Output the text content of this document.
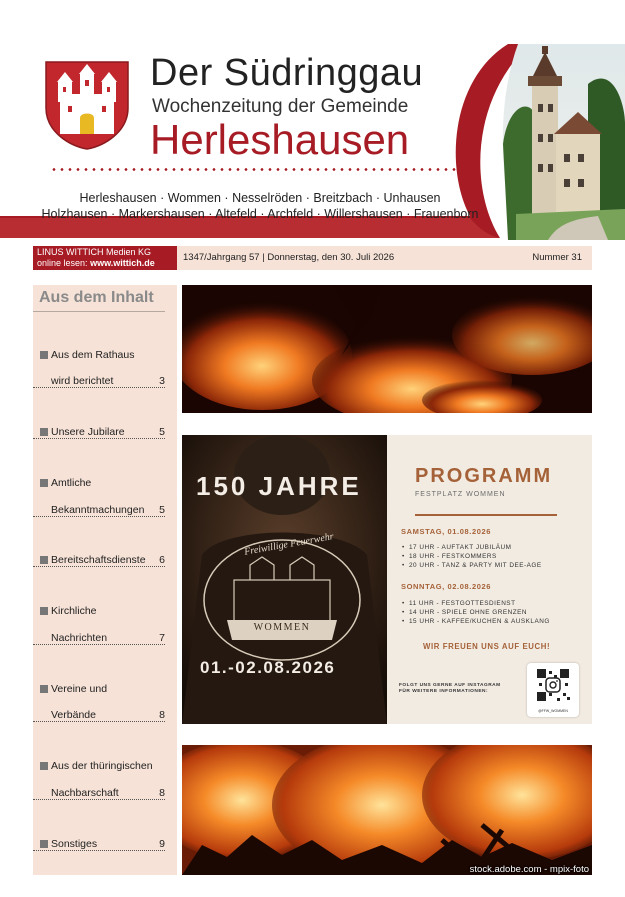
Der Südringgau
Wochenzeitung der Gemeinde
Herleshausen
Herleshausen · Wommen · Nesselröden · Breitzbach · Unhausen
Holzhausen · Markershausen · Altefeld · Archfeld · Willershausen · Frauenborn
LINUS WITTICH Medien KG
online lesen: www.wittich.de	1347/Jahrgang 57 | Donnerstag, den 30. Juli 2026	Nummer 31
Aus dem Inhalt
Aus dem Rathaus
wird berichtet	3
Unsere Jubilare	5
Amtliche
Bekanntmachungen 5
Bereitschaftsdienste 6
Kirchliche
Nachrichten	7
Vereine und
Verbände	8
Aus der thüringischen
Nachbarschaft	8
Sonstiges	9
Freiwillige Feuerwehr
WOMMEN
150 JAHRE
01.-02.08.2026
PROGRAMM
FESTPLATZ WOMMEN
SAMSTAG, 01.08.2026
• 17 UHR - AUFTAKT JUBILÄUM
• 18 UHR - FESTKOMMERS
• 20 UHR - TANZ & PARTY MIT DEE-AGE
SONNTAG, 02.08.2026
• 11 UHR - FESTGOTTESDIENST
• 14 UHR - SPIELE OHNE GRENZEN
• 15 UHR - KAFFEE/KUCHEN & AUSKLANG
WIR FREUEN UNS AUF EUCH!
FOLGT UNS GERNE AUF INSTAGRAM
FÜR WEITERE INFORMATIONEN:
@FFW_WOMMEN
stock.adobe.com - mpix-foto
